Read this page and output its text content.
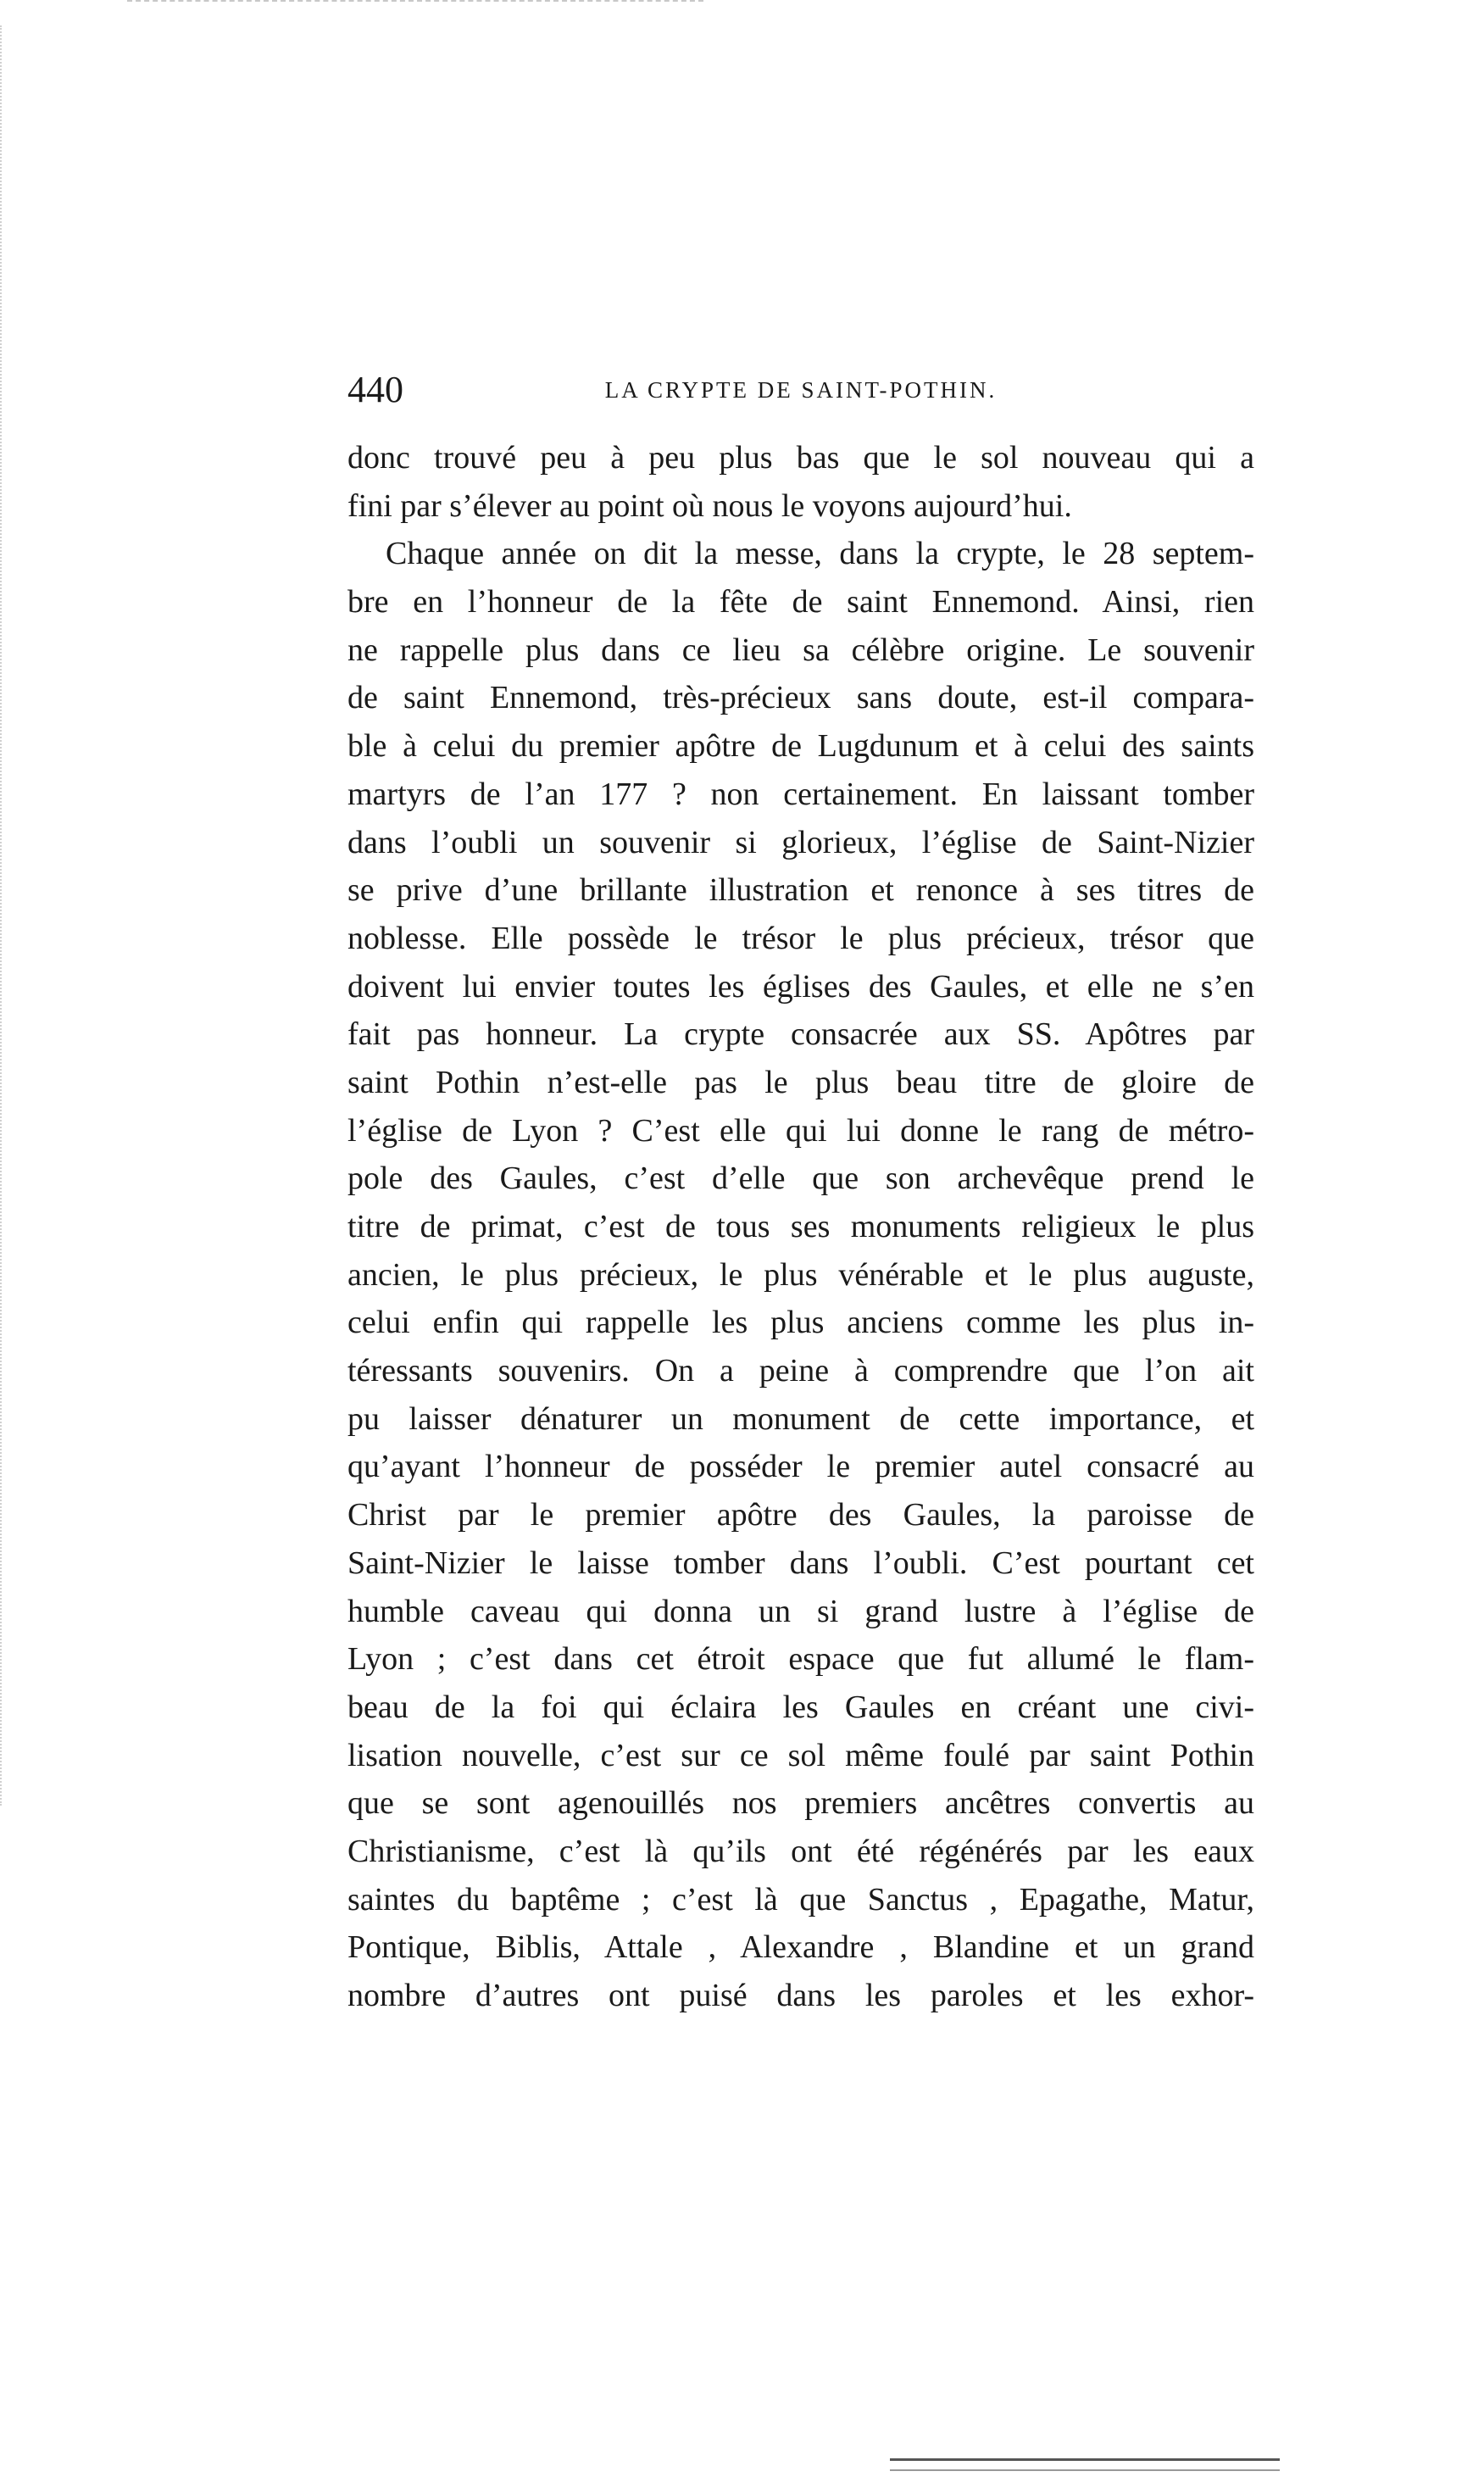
440	LA CRYPTE DE SAINT-POTHIN.
donc trouvé peu à peu plus bas que le sol nouveau qui a
fini par s’élever au point où nous le voyons aujourd’hui.
Chaque année on dit la messe, dans la crypte, le 28 septem-
bre en l’honneur de la fête de saint Ennemond. Ainsi, rien
ne rappelle plus dans ce lieu sa célèbre origine. Le souvenir
de saint Ennemond, très-précieux sans doute, est-il compara-
ble à celui du premier apôtre de Lugdunum et à celui des saints
martyrs de l’an 177 ? non certainement. En laissant tomber
dans l’oubli un souvenir si glorieux, l’église de Saint-Nizier
se prive d’une brillante illustration et renonce à ses titres de
noblesse. Elle possède le trésor le plus précieux, trésor que
doivent lui envier toutes les églises des Gaules, et elle ne s’en
fait pas honneur. La crypte consacrée aux SS. Apôtres par
saint Pothin n’est-elle pas le plus beau titre de gloire de
l’église de Lyon ? C’est elle qui lui donne le rang de métro-
pole des Gaules, c’est d’elle que son archevêque prend le
titre de primat, c’est de tous ses monuments religieux le plus
ancien, le plus précieux, le plus vénérable et le plus auguste,
celui enfin qui rappelle les plus anciens comme les plus in-
téressants souvenirs. On a peine à comprendre que l’on ait
pu laisser dénaturer un monument de cette importance, et
qu’ayant l’honneur de posséder le premier autel consacré au
Christ par le premier apôtre des Gaules, la paroisse de
Saint-Nizier le laisse tomber dans l’oubli. C’est pourtant cet
humble caveau qui donna un si grand lustre à l’église de
Lyon ; c’est dans cet étroit espace que fut allumé le flam-
beau de la foi qui éclaira les Gaules en créant une civi-
lisation nouvelle, c’est sur ce sol même foulé par saint Pothin
que se sont agenouillés nos premiers ancêtres convertis au
Christianisme, c’est là qu’ils ont été régénérés par les eaux
saintes du baptême ; c’est là que Sanctus , Epagathe, Matur,
Pontique, Biblis, Attale , Alexandre , Blandine et un grand
nombre d’autres ont puisé dans les paroles et les exhor-
